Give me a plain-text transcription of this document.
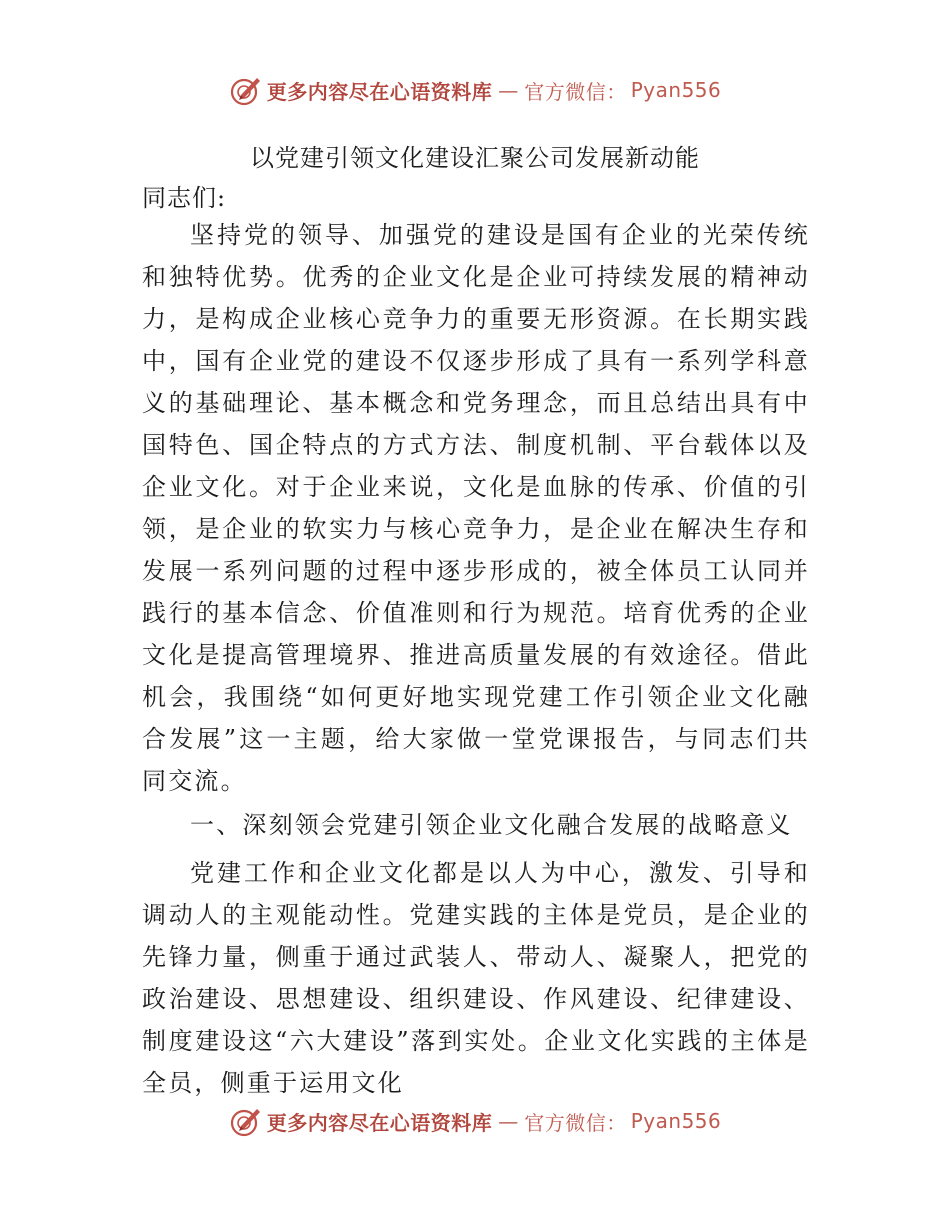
更多内容尽在心语资料库 — 官方微信： Pyan556
以党建引领文化建设汇聚公司发展新动能
同志们:

坚持党的领导、加强党的建设是国有企业的光荣传统和独特优势。优秀的企业文化是企业可持续发展的精神动力，是构成企业核心竞争力的重要无形资源。在长期实践中，国有企业党的建设不仅逐步形成了具有一系列学科意义的基础理论、基本概念和党务理念，而且总结出具有中国特色、国企特点的方式方法、制度机制、平台载体以及企业文化。对于企业来说，文化是血脉的传承、价值的引领，是企业的软实力与核心竞争力，是企业在解决生存和发展一系列问题的过程中逐步形成的，被全体员工认同并践行的基本信念、价值准则和行为规范。培育优秀的企业文化是提高管理境界、推进高质量发展的有效途径。借此机会，我围绕“如何更好地实现党建工作引领企业文化融合发展”这一主题，给大家做一堂党课报告，与同志们共同交流。

一、深刻领会党建引领企业文化融合发展的战略意义

党建工作和企业文化都是以人为中心，激发、引导和调动人的主观能动性。党建实践的主体是党员，是企业的先锋力量，侧重于通过武装人、带动人、凝聚人，把党的政治建设、思想建设、组织建设、作风建设、纪律建设、制度建设这“六大建设”落到实处。企业文化实践的主体是全员，侧重于运用文化

更多内容尽在心语资料库 — 官方微信： Pyan556
